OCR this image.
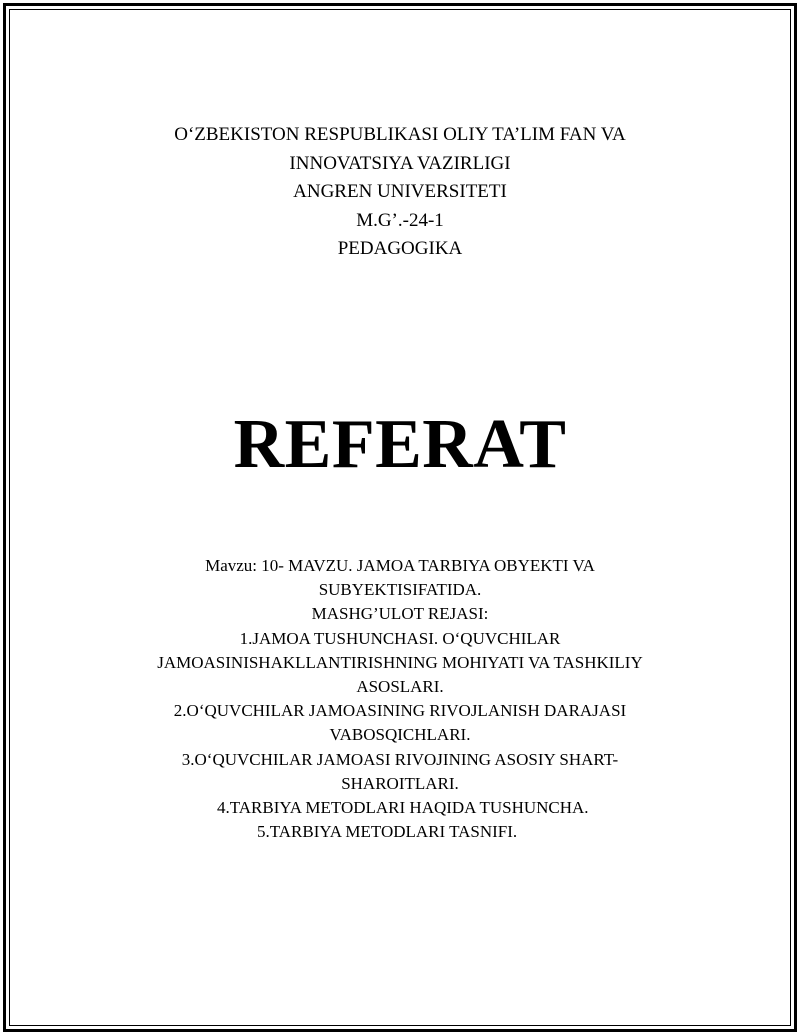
O‘ZBEKISTON RESPUBLIKASI OLIY TA’LIM FAN VA
INNOVATSIYA VAZIRLIGI
ANGREN UNIVERSITETI
M.G’.-24-1
PEDAGOGIKA
REFERAT
Mavzu: 10- MAVZU. JAMOA TARBIYA OBYEKTI VA
SUBYEKTISIFATIDA.
MASHG’ULOT REJASI:
1.JAMOA TUSHUNCHASI. O‘QUVCHILAR
JAMOASINISHAKLLANTIRISHNING MOHIYATI VA TASHKILIY
ASOSLARI.
2.O‘QUVCHILAR JAMOASINING RIVOJLANISH DARAJASI
VABOSQICHLARI.
3.O‘QUVCHILAR JAMOASI RIVOJINING ASOSIY SHART-
SHAROITLARI.
4.TARBIYA METODLARI HAQIDA TUSHUNCHA.
5.TARBIYA METODLARI TASNIFI.
